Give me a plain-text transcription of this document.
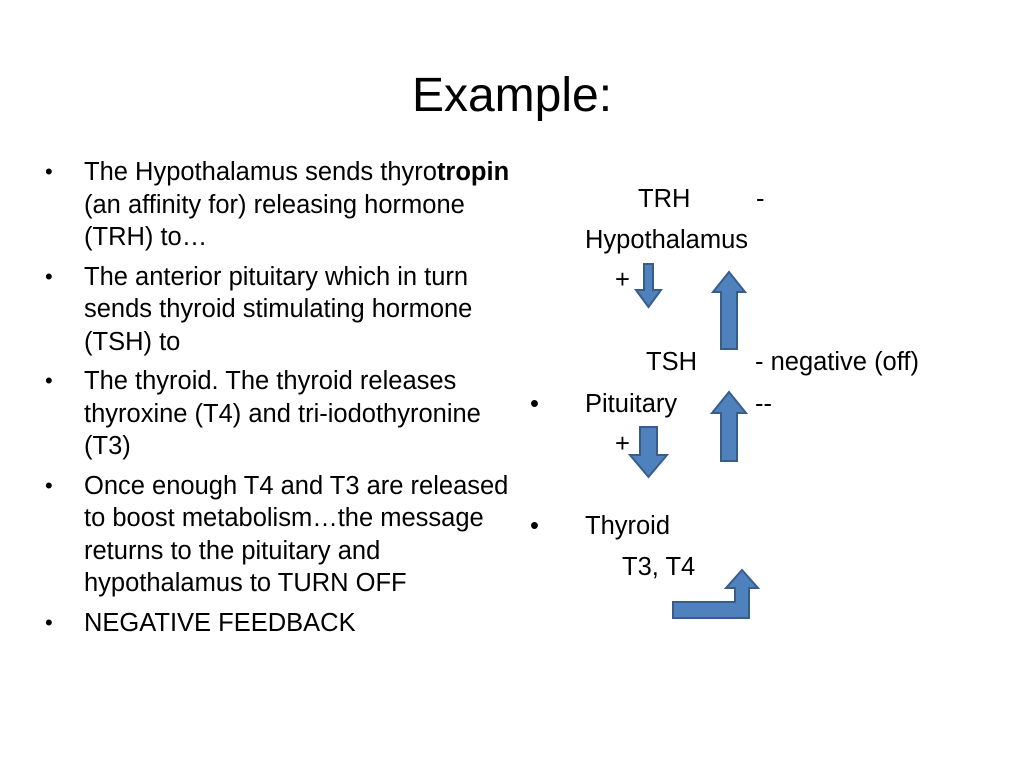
Example:
• The Hypothalamus sends thyrotropin (an affinity for) releasing hormone (TRH) to…
• The anterior pituitary which in turn sends thyroid stimulating hormone (TSH) to
• The thyroid. The thyroid releases thyroxine (T4) and tri-iodothyronine (T3)
• Once enough T4 and T3 are released to boost metabolism…the message returns to the pituitary and hypothalamus to TURN OFF
• NEGATIVE FEEDBACK
TRH	-
Hypothalamus
+
TSH - negative (off)
• Pituitary	--
+
• Thyroid
T3, T4
